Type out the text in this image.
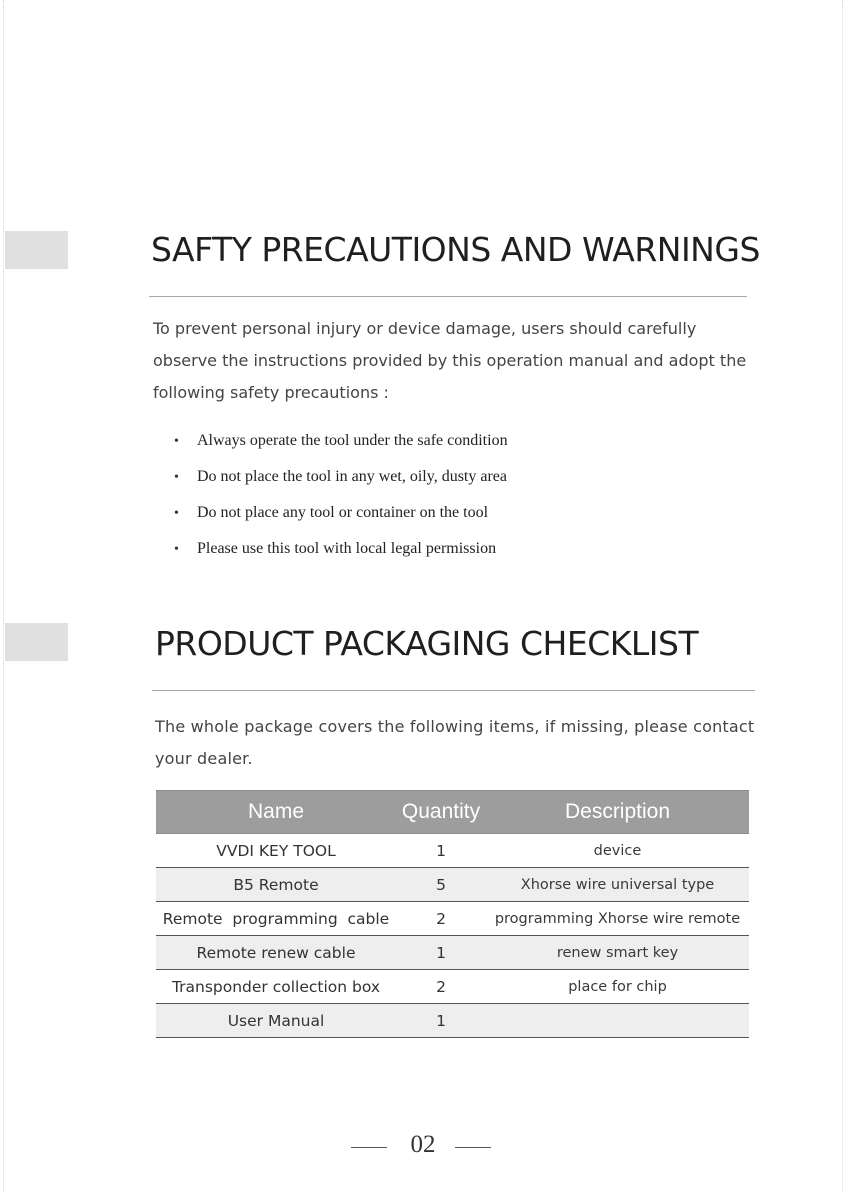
SAFTY PRECAUTIONS AND WARNINGS

To prevent personal injury or device damage, users should carefully observe the instructions provided by this operation manual and adopt the following safety precautions :

• Always operate the tool under the safe condition
• Do not place the tool in any wet, oily, dusty area
• Do not place any tool or container on the tool
• Please use this tool with local legal permission
PRODUCT PACKAGING CHECKLIST

The whole package covers the following items, if missing, please contact your dealer.

Name	Quantity	Description
VVDI KEY TOOL	1	device
B5 Remote	5	Xhorse wire universal type
Remote  programming  cable	2	programming Xhorse wire remote
Remote renew cable	1	renew smart key
Transponder collection box	2	place for chip
User Manual	1	
02
